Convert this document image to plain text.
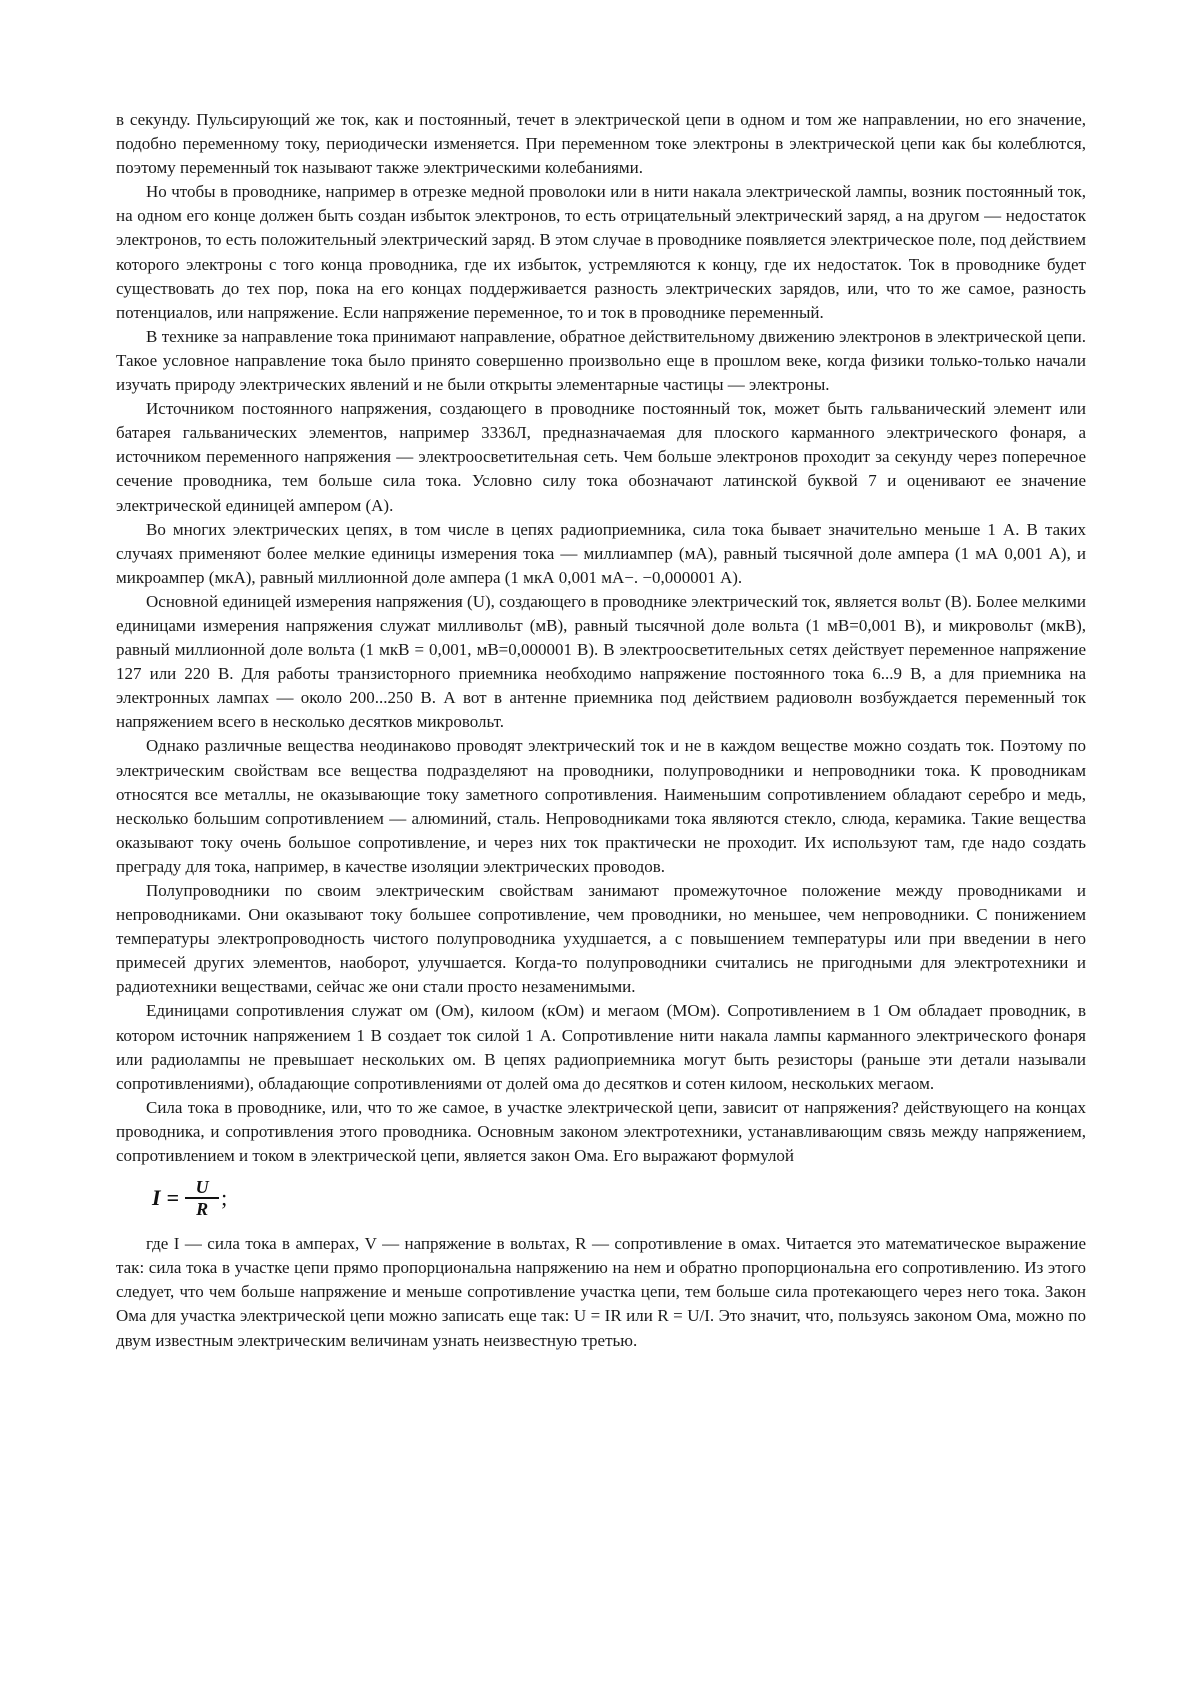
в секунду. Пульсирующий же ток, как и постоянный, течет в электрической цепи в одном и том же направлении, но его значение, подобно переменному току, периодически изменяется. При переменном токе электроны в электрической цепи как бы колеблются, поэтому переменный ток называют также электрическими колебаниями.

Но чтобы в проводнике, например в отрезке медной проволоки или в нити накала электрической лампы, возник постоянный ток, на одном его конце должен быть создан избыток электронов, то есть отрицательный электрический заряд, а на другом — недостаток электронов, то есть положительный электрический заряд. В этом случае в проводнике появляется электрическое поле, под действием которого электроны с того конца проводника, где их избыток, устремляются к концу, где их недостаток. Ток в проводнике будет существовать до тех пор, пока на его концах поддерживается разность электрических зарядов, или, что то же самое, разность потенциалов, или напряжение. Если напряжение переменное, то и ток в проводнике переменный.

В технике за направление тока принимают направление, обратное действительному движению электронов в электрической цепи. Такое условное направление тока было принято совершенно произвольно еще в прошлом веке, когда физики только-только начали изучать природу электрических явлений и не были открыты элементарные частицы — электроны.

Источником постоянного напряжения, создающего в проводнике постоянный ток, может быть гальванический элемент или батарея гальванических элементов, например 3336Л, предназначаемая для плоского карманного электрического фонаря, а источником переменного напряжения — электроосветительная сеть. Чем больше электронов проходит за секунду через поперечное сечение проводника, тем больше сила тока. Условно силу тока обозначают латинской буквой 7 и оценивают ее значение электрической единицей ампером (А).

Во многих электрических цепях, в том числе в цепях радиоприемника, сила тока бывает значительно меньше 1 А. В таких случаях применяют более мелкие единицы измерения тока — миллиампер (мА), равный тысячной доле ампера (1 мА 0,001 А), и микроампер (мкА), равный миллионной доле ампера (1 мкА 0,001 мА−. −0,000001 А).

Основной единицей измерения напряжения (U), создающего в проводнике электрический ток, является вольт (В). Более мелкими единицами измерения напряжения служат милливольт (мВ), равный тысячной доле вольта (1 мВ=0,001 В), и микровольт (мкВ), равный миллионной доле вольта (1 мкВ = 0,001, мВ=0,000001 В). В электроосветительных сетях действует переменное напряжение 127 или 220 В. Для работы транзисторного приемника необходимо напряжение постоянного тока 6...9 В, а для приемника на электронных лампах — около 200...250 В. А вот в антенне приемника под действием радиоволн возбуждается переменный ток напряжением всего в несколько десятков микровольт.

Однако различные вещества неодинаково проводят электрический ток и не в каждом веществе можно создать ток. Поэтому по электрическим свойствам все вещества подразделяют на проводники, полупроводники и непроводники тока. К проводникам относятся все металлы, не оказывающие току заметного сопротивления. Наименьшим сопротивлением обладают серебро и медь, несколько большим сопротивлением — алюминий, сталь. Непроводниками тока являются стекло, слюда, керамика. Такие вещества оказывают току очень большое сопротивление, и через них ток практически не проходит. Их используют там, где надо создать преграду для тока, например, в качестве изоляции электрических проводов.

Полупроводники по своим электрическим свойствам занимают промежуточное положение между проводниками и непроводниками. Они оказывают току большее сопротивление, чем проводники, но меньшее, чем непроводники. С понижением температуры электропроводность чистого полупроводника ухудшается, а с повышением температуры или при введении в него примесей других элементов, наоборот, улучшается. Когда-то полупроводники считались не пригодными для электротехники и радиотехники веществами, сейчас же они стали просто незаменимыми.

Единицами сопротивления служат ом (Ом), килоом (кОм) и мегаом (МОм). Сопротивлением в 1 Ом обладает проводник, в котором источник напряжением 1 В создает ток силой 1 А. Сопротивление нити накала лампы карманного электрического фонаря или радиолампы не превышает нескольких ом. В цепях радиоприемника могут быть резисторы (раньше эти детали называли сопротивлениями), обладающие сопротивлениями от долей ома до десятков и сотен килоом, нескольких мегаом.

Сила тока в проводнике, или, что то же самое, в участке электрической цепи, зависит от напряжения? действующего на концах проводника, и сопротивления этого проводника. Основным законом электротехники, устанавливающим связь между напряжением, сопротивлением и током в электрической цепи, является закон Ома. Его выражают формулой

$I = \frac{U}{R}$ ;

где I — сила тока в амперах, V — напряжение в вольтах, R — сопротивление в омах. Читается это математическое выражение так: сила тока в участке цепи прямо пропорциональна напряжению на нем и обратно пропорциональна его сопротивлению. Из этого следует, что чем больше напряжение и меньше сопротивление участка цепи, тем больше сила протекающего через него тока. Закон Ома для участка электрической цепи можно записать еще так: U = IR или R = U/I. Это значит, что, пользуясь законом Ома, можно по двум известным электрическим величинам узнать неизвестную третью.
